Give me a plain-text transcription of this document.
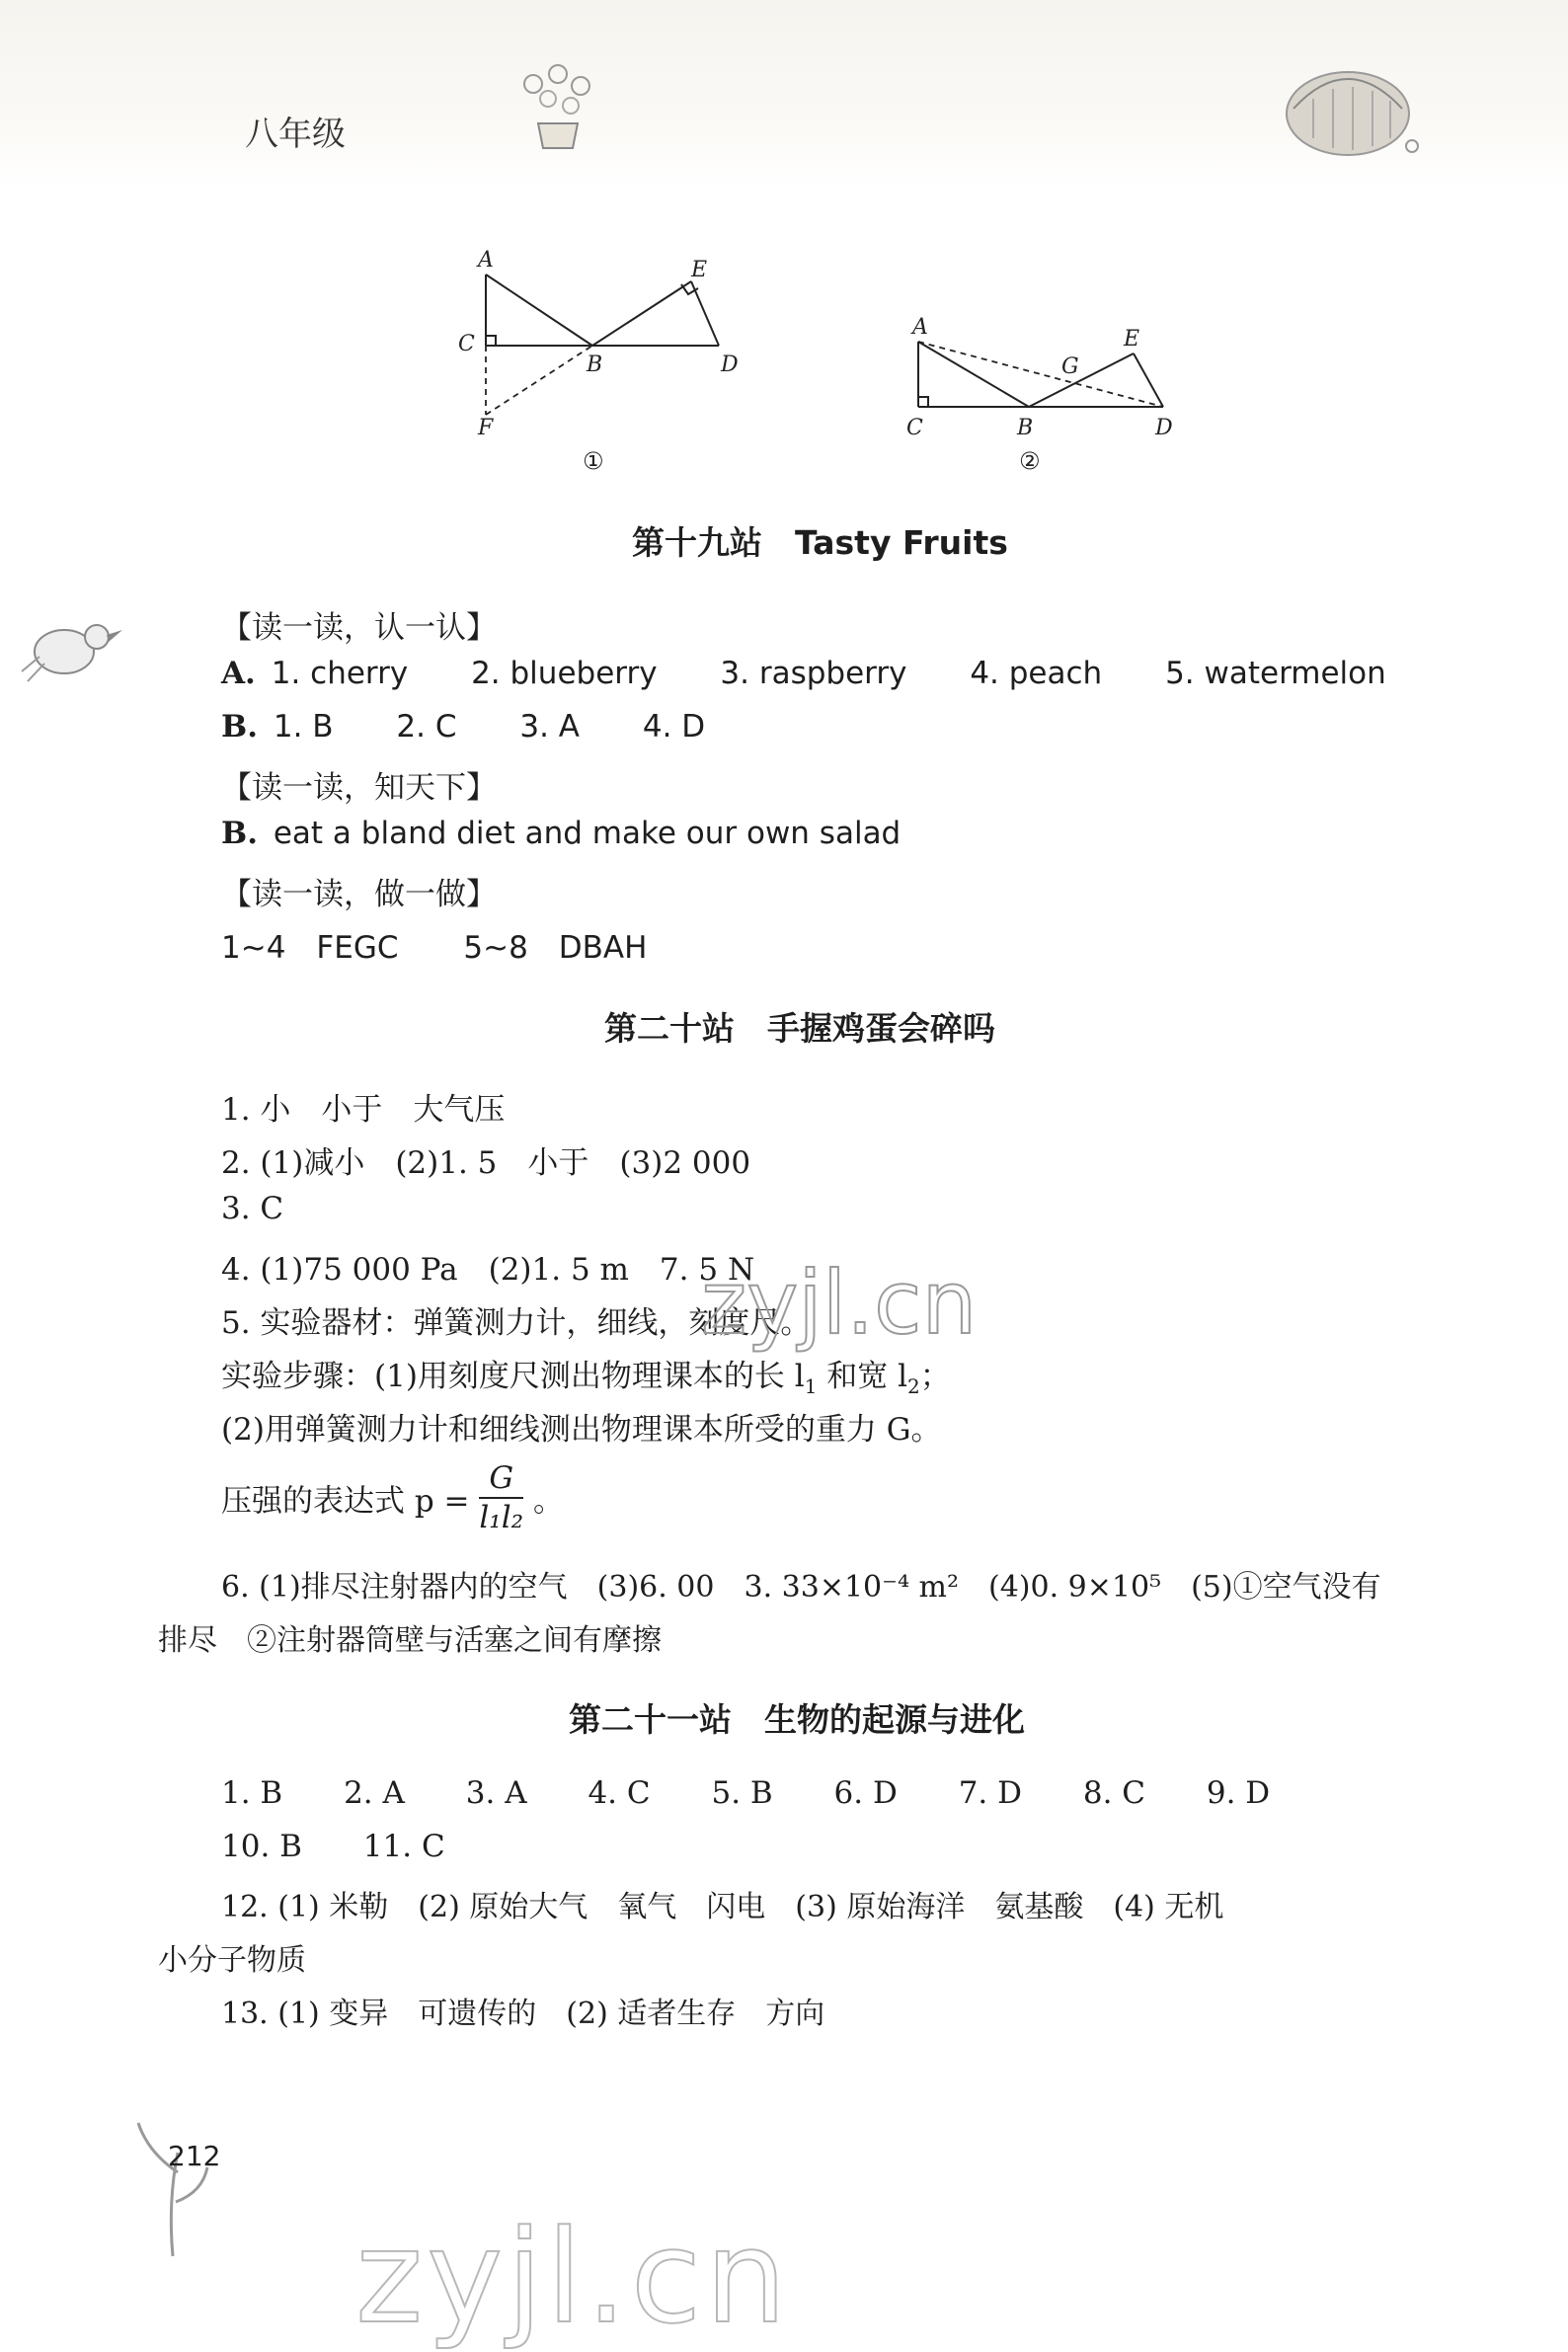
八年级
A	E
C
B	D
F
①
A	E
G
C	B	D
②
第十九站　Tasty Fruits
【读一读，认一认】
A. 1. cherry 2. blueberry 3. raspberry 4. peach 5. watermelon
B. 1. B 2. C 3. A 4. D
【读一读，知天下】
B. eat a bland diet and make our own salad
【读一读，做一做】
1~4　FEGC 5~8　DBAH
第二十站　手握鸡蛋会碎吗
1. 小　小于　大气压
2. (1)减小　(2)1. 5　小于　(3)2 000
3. C
4. (1)75 000 Pa　(2)1. 5 m　7. 5 N
5. 实验器材：弹簧测力计，细线，刻度尺。
实验步骤：(1)用刻度尺测出物理课本的长 $l_1$ 和宽 $l_2$；
(2)用弹簧测力计和细线测出物理课本所受的重力 G。
压强的表达式 $p = \frac{G}{\text{l₁l₂}}$ 。
6. (1)排尽注射器内的空气　(3)6. 00　3. 33×10⁻⁴ m²　(4)0. 9×10⁵　(5)①空气没有
排尽　②注射器筒壁与活塞之间有摩擦
第二十一站　生物的起源与进化
1. B 2. A 3. A 4. C 5. B 6. D 7. D 8. C 9. D
10. B 11. C
12. (1) 米勒　(2) 原始大气　氧气　闪电　(3) 原始海洋　氨基酸　(4) 无机
小分子物质
13. (1) 变异　可遗传的　(2) 适者生存　方向
212
zyjl.cn
zyjl.cn
